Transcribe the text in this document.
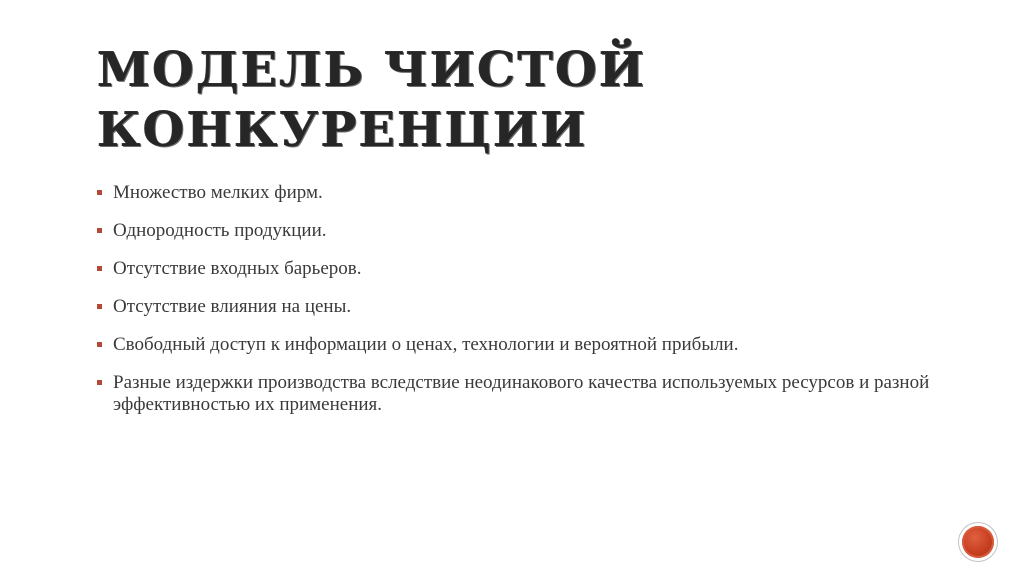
МОДЕЛЬ ЧИСТОЙ
КОНКУРЕНЦИИ
Множество мелких фирм.
Однородность продукции.
Отсутствие входных барьеров.
Отсутствие влияния на цены.
Свободный доступ к информации о ценах, технологии и вероятной прибыли.
Разные издержки производства вследствие неодинакового качества используемых ресурсов и разной эффективностью их применения.
